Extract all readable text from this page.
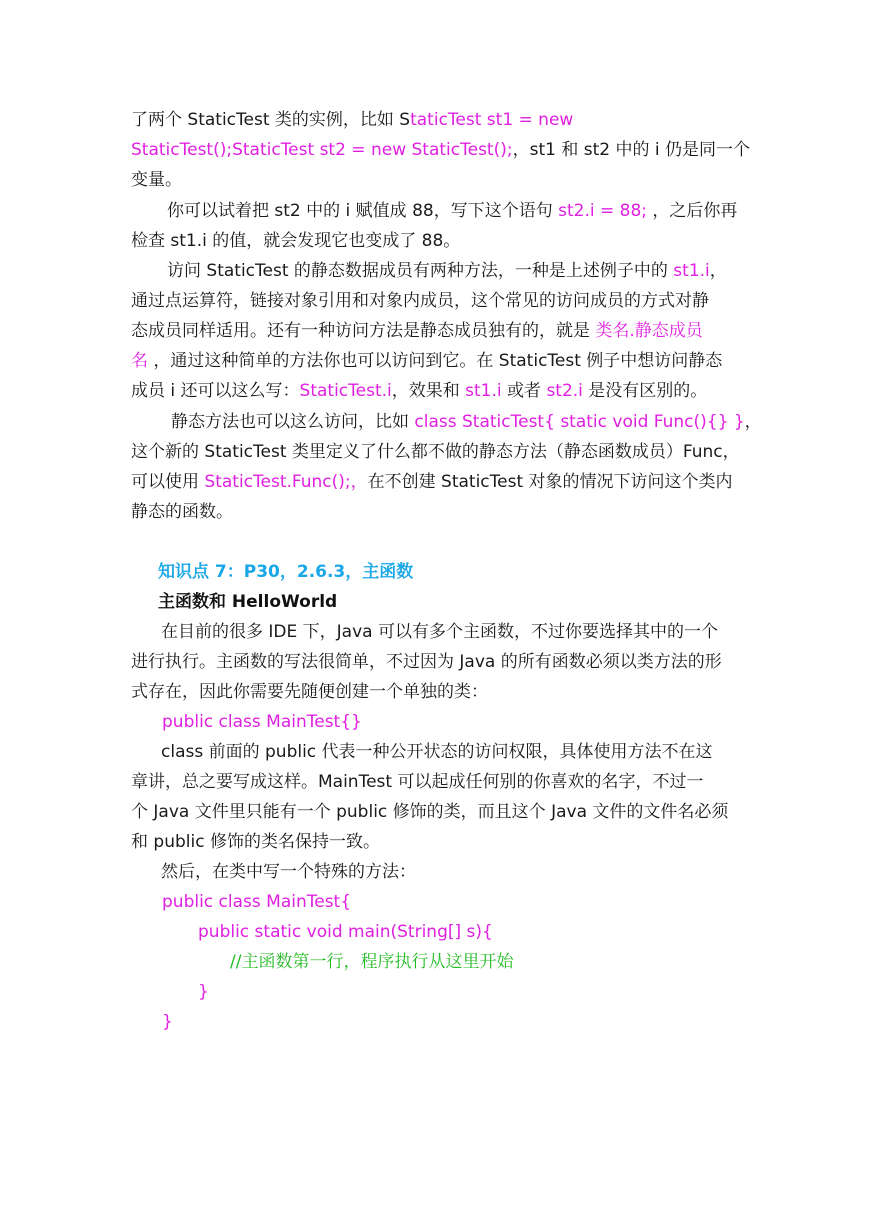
了两个 StaticTest 类的实例，比如 StaticTest st1 = new
StaticTest();StaticTest st2 = new StaticTest();，st1 和 st2 中的 i 仍是同一个
变量。
你可以试着把 st2 中的 i 赋值成 88，写下这个语句 st2.i = 88; ，之后你再
检查 st1.i 的值，就会发现它也变成了 88。
访问 StaticTest 的静态数据成员有两种方法，一种是上述例子中的 st1.i，
通过点运算符，链接对象引用和对象内成员，这个常见的访问成员的方式对静
态成员同样适用。还有一种访问方法是静态成员独有的，就是 类名.静态成员
名 ，通过这种简单的方法你也可以访问到它。在 StaticTest 例子中想访问静态
成员 i 还可以这么写：StaticTest.i，效果和 st1.i 或者 st2.i 是没有区别的。
静态方法也可以这么访问，比如 class StaticTest{ static void Func(){} }，
这个新的 StaticTest 类里定义了什么都不做的静态方法（静态函数成员）Func，
可以使用 StaticTest.Func();，在不创建 StaticTest 对象的情况下访问这个类内
静态的函数。
知识点 7：P30，2.6.3，主函数
主函数和 HelloWorld
在目前的很多 IDE 下，Java 可以有多个主函数，不过你要选择其中的一个
进行执行。主函数的写法很简单，不过因为 Java 的所有函数必须以类方法的形
式存在，因此你需要先随便创建一个单独的类：
public class MainTest{}
class 前面的 public 代表一种公开状态的访问权限，具体使用方法不在这
章讲，总之要写成这样。MainTest 可以起成任何别的你喜欢的名字，不过一
个 Java 文件里只能有一个 public 修饰的类，而且这个 Java 文件的文件名必须
和 public 修饰的类名保持一致。
然后，在类中写一个特殊的方法：
public class MainTest{
public static void main(String[] s){
//主函数第一行，程序执行从这里开始
}
}
